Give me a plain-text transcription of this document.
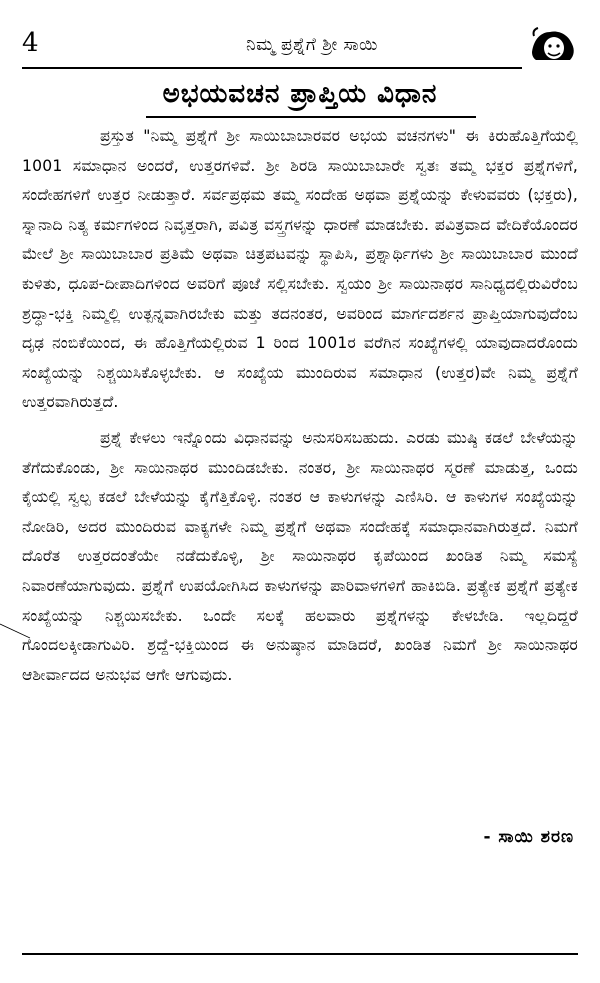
4	ನಿಮ್ಮ ಪ್ರಶ್ನೆಗೆ ಶ್ರೀ ಸಾಯಿ
ಅಭಯವಚನ ಪ್ರಾಪ್ತಿಯ ವಿಧಾನ

ಪ್ರಸ್ತುತ "ನಿಮ್ಮ ಪ್ರಶ್ನೆಗೆ ಶ್ರೀ ಸಾಯಿಬಾಬಾರವರ ಅಭಯ ವಚನಗಳು" ಈ ಕಿರುಹೊತ್ತಿಗೆಯಲ್ಲಿ 1001 ಸಮಾಧಾನ ಅಂದರೆ, ಉತ್ತರಗಳಿವೆ. ಶ್ರೀ ಶಿರಡಿ ಸಾಯಿಬಾಬಾರೇ ಸ್ವತಃ ತಮ್ಮ ಭಕ್ತರ ಪ್ರಶ್ನೆಗಳಿಗೆ, ಸಂದೇಹಗಳಿಗೆ ಉತ್ತರ ನೀಡುತ್ತಾರೆ. ಸರ್ವಪ್ರಥಮ ತಮ್ಮ ಸಂದೇಹ ಅಥವಾ ಪ್ರಶ್ನೆಯನ್ನು ಕೇಳುವವರು (ಭಕ್ತರು), ಸ್ನಾನಾದಿ ನಿತ್ಯ ಕರ್ಮಗಳಿಂದ ನಿವೃತ್ತರಾಗಿ, ಪವಿತ್ರ ವಸ್ತ್ರಗಳನ್ನು ಧಾರಣೆ ಮಾಡಬೇಕು. ಪವಿತ್ರವಾದ ವೇದಿಕೆಯೊಂದರ ಮೇಲೆ ಶ್ರೀ ಸಾಯಿಬಾಬಾರ ಪ್ರತಿಮೆ ಅಥವಾ ಚಿತ್ರಪಟವನ್ನು ಸ್ಥಾಪಿಸಿ, ಪ್ರಶ್ನಾರ್ಥಿಗಳು ಶ್ರೀ ಸಾಯಿಬಾಬಾರ ಮುಂದೆ ಕುಳಿತು, ಧೂಪ-ದೀಪಾದಿಗಳಿಂದ ಅವರಿಗೆ ಪೂಜೆ ಸಲ್ಲಿಸಬೇಕು. ಸ್ವಯಂ ಶ್ರೀ ಸಾಯಿನಾಥರ ಸಾನಿಧ್ಯದಲ್ಲಿರುವಿರೆಂಬ ಶ್ರದ್ಧಾ-ಭಕ್ತಿ ನಿಮ್ಮಲ್ಲಿ ಉತ್ಪನ್ನವಾಗಿರಬೇಕು ಮತ್ತು ತದನಂತರ, ಅವರಿಂದ ಮಾರ್ಗದರ್ಶನ ಪ್ರಾಪ್ತಿಯಾಗುವುದೆಂಬ ದೃಢ ನಂಬಿಕೆಯಿಂದ, ಈ ಹೊತ್ತಿಗೆಯಲ್ಲಿರುವ 1 ರಿಂದ 1001ರ ವರೆಗಿನ ಸಂಖ್ಯೆಗಳಲ್ಲಿ ಯಾವುದಾದರೊಂದು ಸಂಖ್ಯೆಯನ್ನು ನಿಶ್ಚಯಿಸಿಕೊಳ್ಳಬೇಕು. ಆ ಸಂಖ್ಯೆಯ ಮುಂದಿರುವ ಸಮಾಧಾನ (ಉತ್ತರ)ವೇ ನಿಮ್ಮ ಪ್ರಶ್ನೆಗೆ ಉತ್ತರವಾಗಿರುತ್ತದೆ.

ಪ್ರಶ್ನೆ ಕೇಳಲು ಇನ್ನೊಂದು ವಿಧಾನವನ್ನು ಅನುಸರಿಸಬಹುದು. ಎರಡು ಮುಷ್ಠಿ ಕಡಲೆ ಬೇಳೆಯನ್ನು ತೆಗೆದುಕೊಂಡು, ಶ್ರೀ ಸಾಯಿನಾಥರ ಮುಂದಿಡಬೇಕು. ನಂತರ, ಶ್ರೀ ಸಾಯಿನಾಥರ ಸ್ಮರಣೆ ಮಾಡುತ್ತ, ಒಂದು ಕೈಯಲ್ಲಿ ಸ್ವಲ್ಪ ಕಡಲೆ ಬೇಳೆಯನ್ನು ಕೈಗೆತ್ತಿಕೊಳ್ಳಿ. ನಂತರ ಆ ಕಾಳುಗಳನ್ನು ಎಣಿಸಿರಿ. ಆ ಕಾಳುಗಳ ಸಂಖ್ಯೆಯನ್ನು ನೋಡಿರಿ, ಅದರ ಮುಂದಿರುವ ವಾಕ್ಯಗಳೇ ನಿಮ್ಮ ಪ್ರಶ್ನೆಗೆ ಅಥವಾ ಸಂದೇಹಕ್ಕೆ ಸಮಾಧಾನವಾಗಿರುತ್ತದೆ. ನಿಮಗೆ ದೊರೆತ ಉತ್ತರದಂತೆಯೇ ನಡೆದುಕೊಳ್ಳಿ, ಶ್ರೀ ಸಾಯಿನಾಥರ ಕೃಪೆಯಿಂದ ಖಂಡಿತ ನಿಮ್ಮ ಸಮಸ್ಯೆ ನಿವಾರಣೆಯಾಗುವುದು. ಪ್ರಶ್ನೆಗೆ ಉಪಯೋಗಿಸಿದ ಕಾಳುಗಳನ್ನು ಪಾರಿವಾಳಗಳಿಗೆ ಹಾಕಿಬಿಡಿ. ಪ್ರತ್ಯೇಕ ಪ್ರಶ್ನೆಗೆ ಪ್ರತ್ಯೇಕ ಸಂಖ್ಯೆಯನ್ನು ನಿಶ್ಚಯಿಸಬೇಕು. ಒಂದೇ ಸಲಕ್ಕೆ ಹಲವಾರು ಪ್ರಶ್ನೆಗಳನ್ನು ಕೇಳಬೇಡಿ. ಇಲ್ಲದಿದ್ದರೆ ಗೊಂದಲಕ್ಕೀಡಾಗುವಿರಿ. ಶ್ರದ್ದೆ-ಭಕ್ತಿಯಿಂದ ಈ ಅನುಷ್ಠಾನ ಮಾಡಿದರೆ, ಖಂಡಿತ ನಿಮಗೆ ಶ್ರೀ ಸಾಯಿನಾಥರ ಆಶೀರ್ವಾದದ ಅನುಭವ ಆಗೇ ಆಗುವುದು.

- ಸಾಯಿ ಶರಣ
